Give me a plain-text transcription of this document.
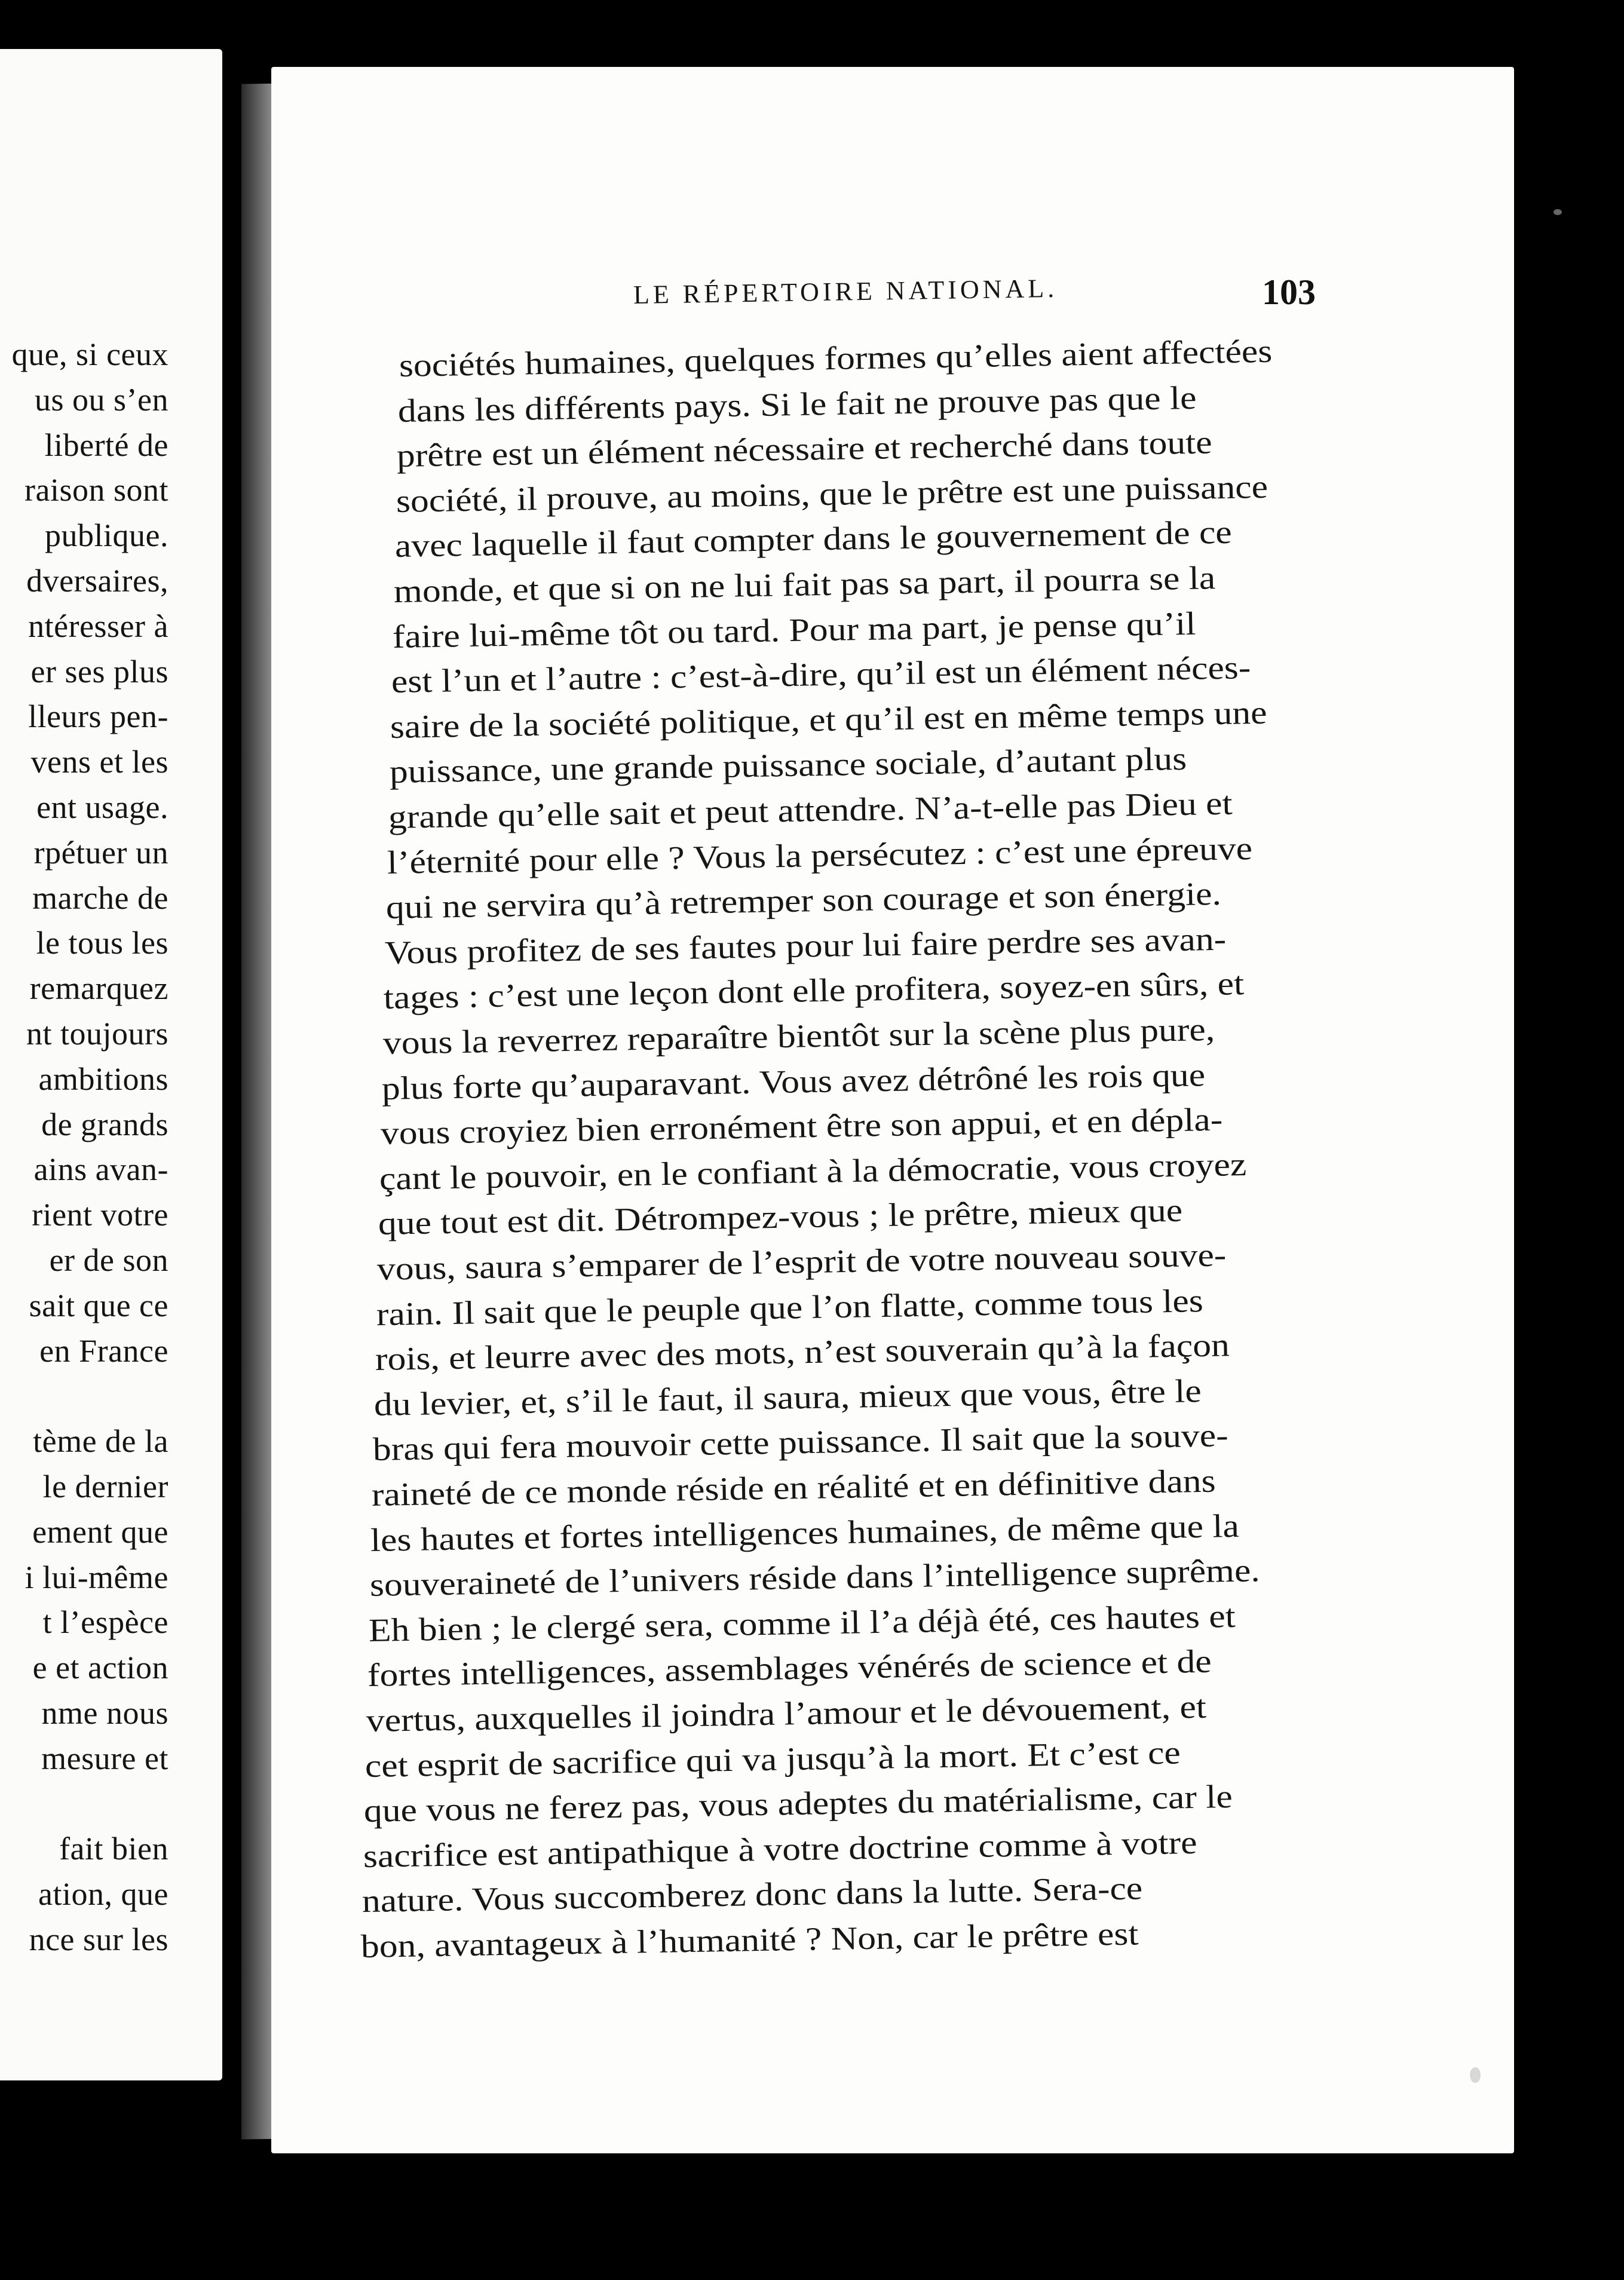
que, si ceux
us ou s’en
liberté de
raison sont
publique.
dversaires,
ntéresser à
er ses plus
lleurs pen-
vens et les
ent usage.
rpétuer un
marche de
le tous les
remarquez
nt toujours
ambitions
de grands
ains avan-
rient votre
er de son
sait que ce
en France
tème de la
le dernier
ement que
i lui-même
t l’espèce
e et action
nme nous
mesure et
fait bien
ation, que
nce sur les
LE RÉPERTOIRE NATIONAL.	103
sociétés humaines, quelques formes qu’elles aient affectées
dans les différents pays. Si le fait ne prouve pas que le
prêtre est un élément nécessaire et recherché dans toute
société, il prouve, au moins, que le prêtre est une puissance
avec laquelle il faut compter dans le gouvernement de ce
monde, et que si on ne lui fait pas sa part, il pourra se la
faire lui-même tôt ou tard. Pour ma part, je pense qu’il
est l’un et l’autre : c’est-à-dire, qu’il est un élément néces-
saire de la société politique, et qu’il est en même temps une
puissance, une grande puissance sociale, d’autant plus
grande qu’elle sait et peut attendre. N’a-t-elle pas Dieu et
l’éternité pour elle ? Vous la persécutez : c’est une épreuve
qui ne servira qu’à retremper son courage et son énergie.
Vous profitez de ses fautes pour lui faire perdre ses avan-
tages : c’est une leçon dont elle profitera, soyez-en sûrs, et
vous la reverrez reparaître bientôt sur la scène plus pure,
plus forte qu’auparavant. Vous avez détrôné les rois que
vous croyiez bien erronément être son appui, et en dépla-
çant le pouvoir, en le confiant à la démocratie, vous croyez
que tout est dit. Détrompez-vous ; le prêtre, mieux que
vous, saura s’emparer de l’esprit de votre nouveau souve-
rain. Il sait que le peuple que l’on flatte, comme tous les
rois, et leurre avec des mots, n’est souverain qu’à la façon
du levier, et, s’il le faut, il saura, mieux que vous, être le
bras qui fera mouvoir cette puissance. Il sait que la souve-
raineté de ce monde réside en réalité et en définitive dans
les hautes et fortes intelligences humaines, de même que la
souveraineté de l’univers réside dans l’intelligence suprême.
Eh bien ; le clergé sera, comme il l’a déjà été, ces hautes et
fortes intelligences, assemblages vénérés de science et de
vertus, auxquelles il joindra l’amour et le dévouement, et
cet esprit de sacrifice qui va jusqu’à la mort. Et c’est ce
que vous ne ferez pas, vous adeptes du matérialisme, car le
sacrifice est antipathique à votre doctrine comme à votre
nature. Vous succomberez donc dans la lutte. Sera-ce
bon, avantageux à l’humanité ? Non, car le prêtre est
